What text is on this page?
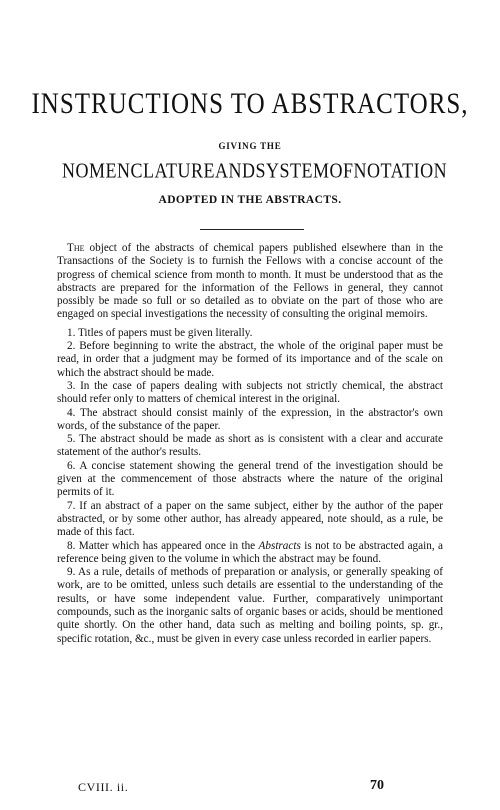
INSTRUCTIONS TO ABSTRACTORS,
GIVING THE
NOMENCLATURE AND SYSTEM OF NOTATION
ADOPTED IN THE ABSTRACTS.

The object of the abstracts of chemical papers published elsewhere than in the Transactions of the Society is to furnish the Fellows with a concise account of the progress of chemical science from month to month. It must be understood that as the abstracts are prepared for the information of the Fellows in general, they cannot possibly be made so full or so detailed as to obviate on the part of those who are engaged on special investigations the necessity of consulting the original memoirs.

1. Titles of papers must be given literally.

2. Before beginning to write the abstract, the whole of the original paper must be read, in order that a judgment may be formed of its importance and of the scale on which the abstract should be made.

3. In the case of papers dealing with subjects not strictly chemical, the abstract should refer only to matters of chemical interest in the original.

4. The abstract should consist mainly of the expression, in the abstractor's own words, of the substance of the paper.

5. The abstract should be made as short as is consistent with a clear and accurate statement of the author's results.

6. A concise statement showing the general trend of the investigation should be given at the commencement of those abstracts where the nature of the original permits of it.

7. If an abstract of a paper on the same subject, either by the author of the paper abstracted, or by some other author, has already appeared, note should, as a rule, be made of this fact.

8. Matter which has appeared once in the Abstracts is not to be abstracted again, a reference being given to the volume in which the abstract may be found.

9. As a rule, details of methods of preparation or analysis, or generally speaking of work, are to be omitted, unless such details are essential to the understanding of the results, or have some independent value. Further, comparatively unimportant compounds, such as the inorganic salts of organic bases or acids, should be mentioned quite shortly. On the other hand, data such as melting and boiling points, sp. gr., specific rotation, &c., must be given in every case unless recorded in earlier papers.

CVIII. ii.	70
